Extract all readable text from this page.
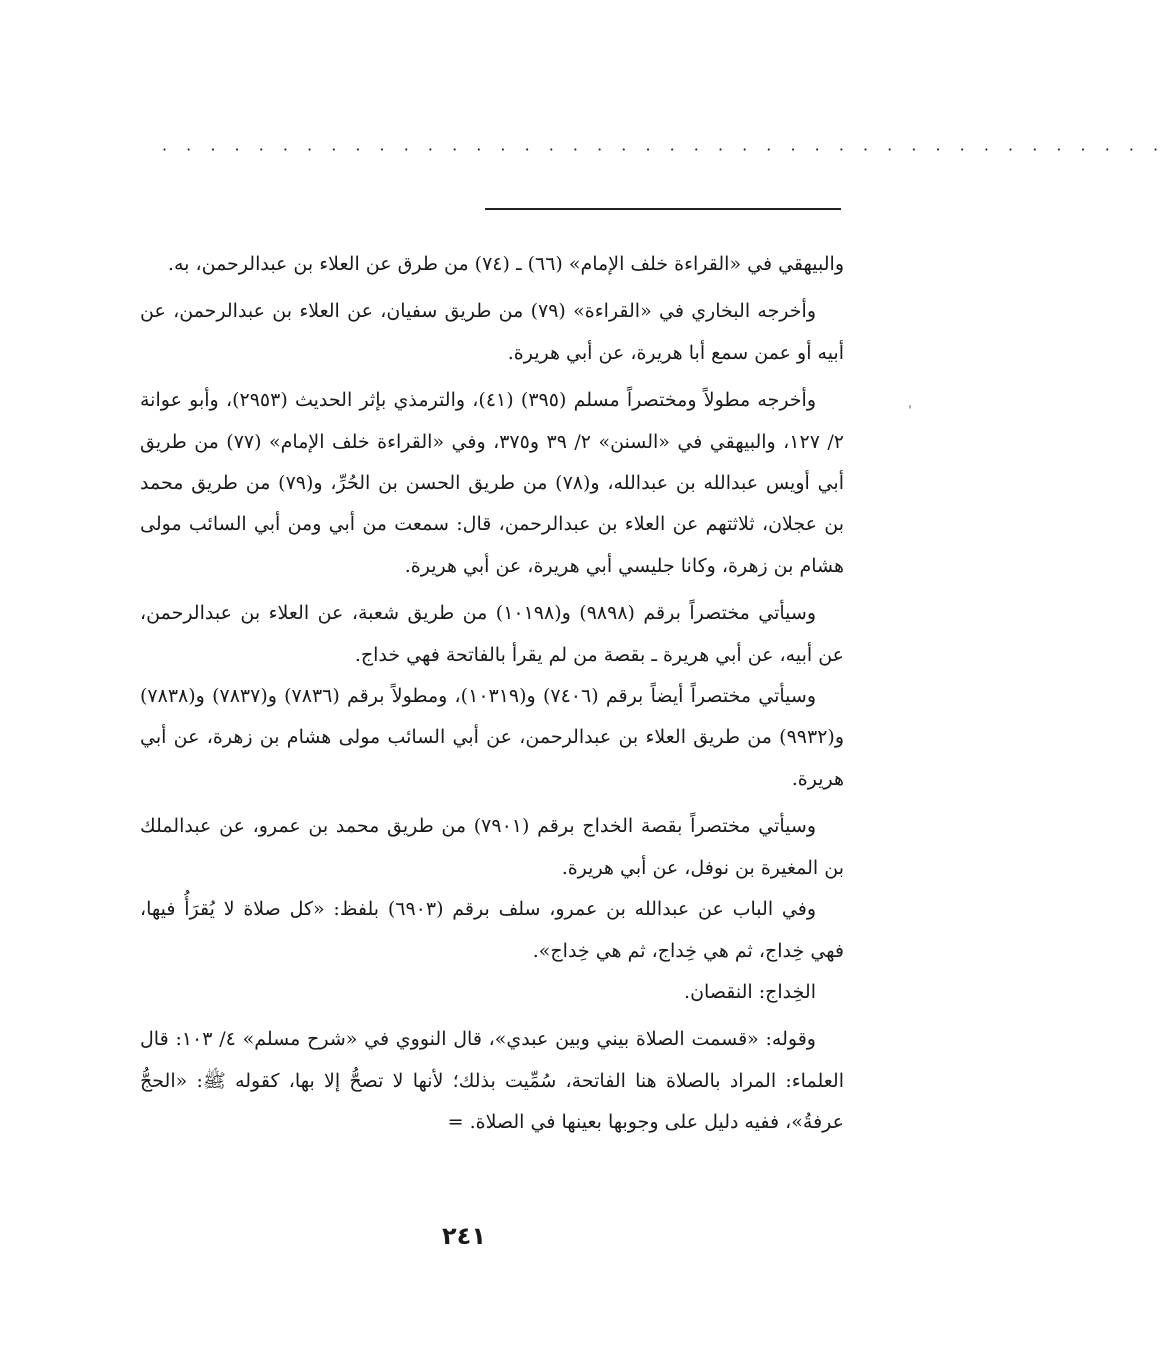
· · · · · · · · · · · · · · · · · · · · · · · · · · · · · · · · · · · · · · · · · ·
ˈ

والبيهقي في «القراءة خلف الإمام» (٦٦) ـ (٧٤) من طرق عن العلاء بن عبدالرحمن، به.

وأخرجه البخاري في «القراءة» (٧٩) من طريق سفيان، عن العلاء بن عبدالرحمن، عن أبيه أو عمن سمع أبا هريرة، عن أبي هريرة.

وأخرجه مطولاً ومختصراً مسلم (٣٩٥) (٤١)، والترمذي بإثر الحديث (٢٩٥٣)، وأبو عوانة ٢/ ١٢٧، والبيهقي في «السنن» ٢/ ٣٩ و٣٧٥، وفي «القراءة خلف الإمام» (٧٧) من طريق أبي أويس عبدالله بن عبدالله، و(٧٨) من طريق الحسن بن الحُرِّ، و(٧٩) من طريق محمد بن عجلان، ثلاثتهم عن العلاء بن عبدالرحمن، قال: سمعت من أبي ومن أبي السائب مولى هشام بن زهرة، وكانا جليسي أبي هريرة، عن أبي هريرة.

وسيأتي مختصراً برقم (٩٨٩٨) و(١٠١٩٨) من طريق شعبة، عن العلاء بن عبدالرحمن، عن أبيه، عن أبي هريرة ـ بقصة من لم يقرأ بالفاتحة فهي خداج.

وسيأتي مختصراً أيضاً برقم (٧٤٠٦) و(١٠٣١٩)، ومطولاً برقم (٧٨٣٦) و(٧٨٣٧) و(٧٨٣٨) و(٩٩٣٢) من طريق العلاء بن عبدالرحمن، عن أبي السائب مولى هشام بن زهرة، عن أبي هريرة.

وسيأتي مختصراً بقصة الخداج برقم (٧٩٠١) من طريق محمد بن عمرو، عن عبدالملك بن المغيرة بن نوفل، عن أبي هريرة.

وفي الباب عن عبدالله بن عمرو، سلف برقم (٦٩٠٣) بلفظ: «كل صلاة لا يُقرَأُ فيها، فهي خِداج، ثم هي خِداج، ثم هي خِداج».

الخِداج: النقصان.

وقوله: «قسمت الصلاة بيني وبين عبدي»، قال النووي في «شرح مسلم» ٤/ ١٠٣: قال العلماء: المراد بالصلاة هنا الفاتحة، سُمِّيت بذلك؛ لأنها لا تصحُّ إلا بها، كقوله ﷺ: «الحجُّ عرفةُ»، ففيه دليل على وجوبها بعينها في الصلاة. =

٢٤١
